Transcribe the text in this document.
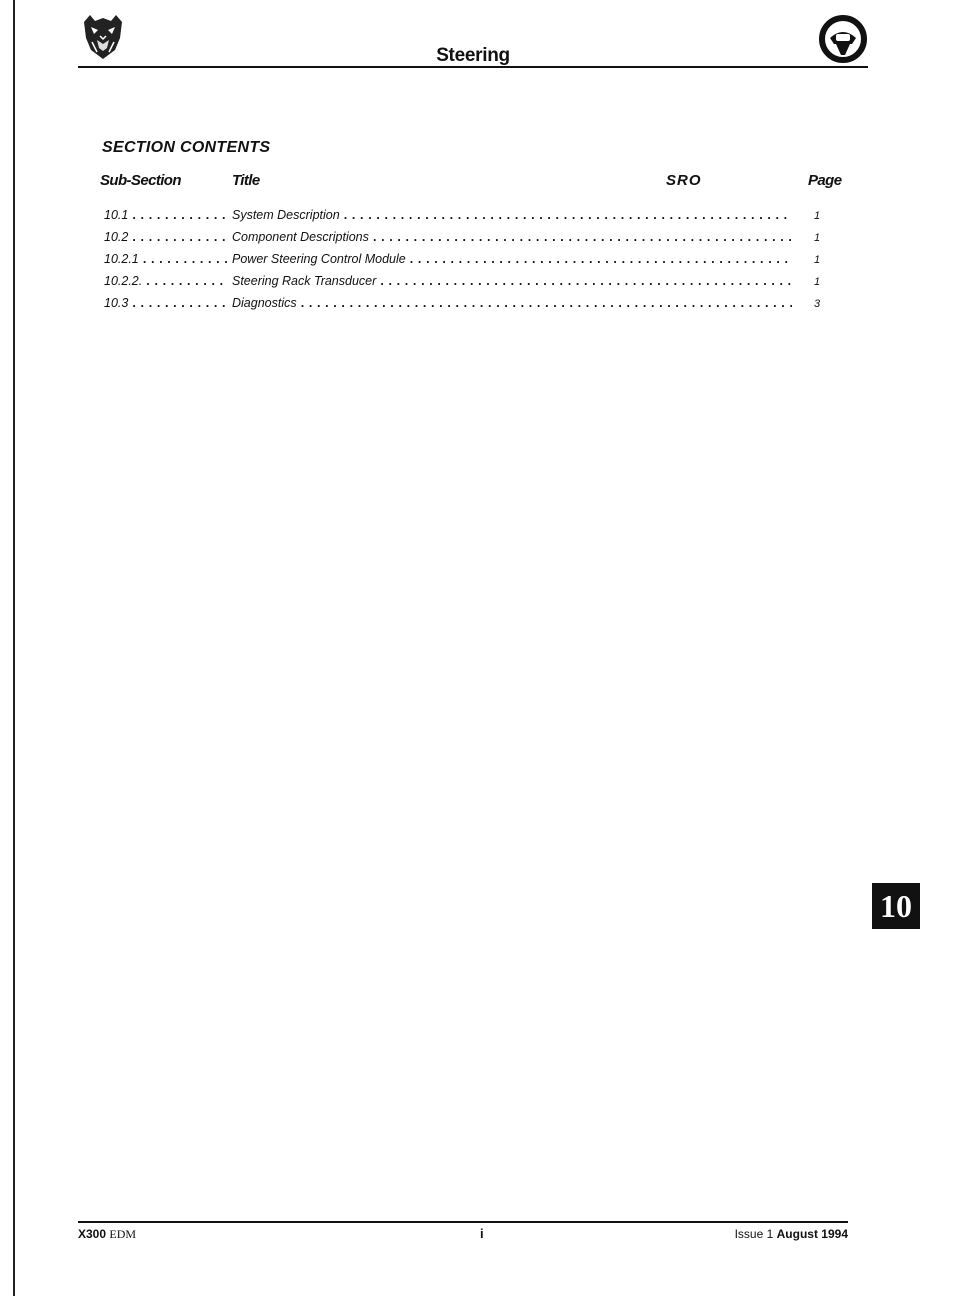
Steering
SECTION CONTENTS
Sub-Section	Title	SRO	Page
10.1 . . .	System Description . . .	1
10.2 . . .	Component Descriptions . . .	1
10.2.1 . . .	Power Steering Control Module . . .	1
10.2.2. . . .	Steering Rack Transducer . . .	1
10.3 . . .	Diagnostics . . .	3
10
X300 EDM	i	Issue 1 August 1994
